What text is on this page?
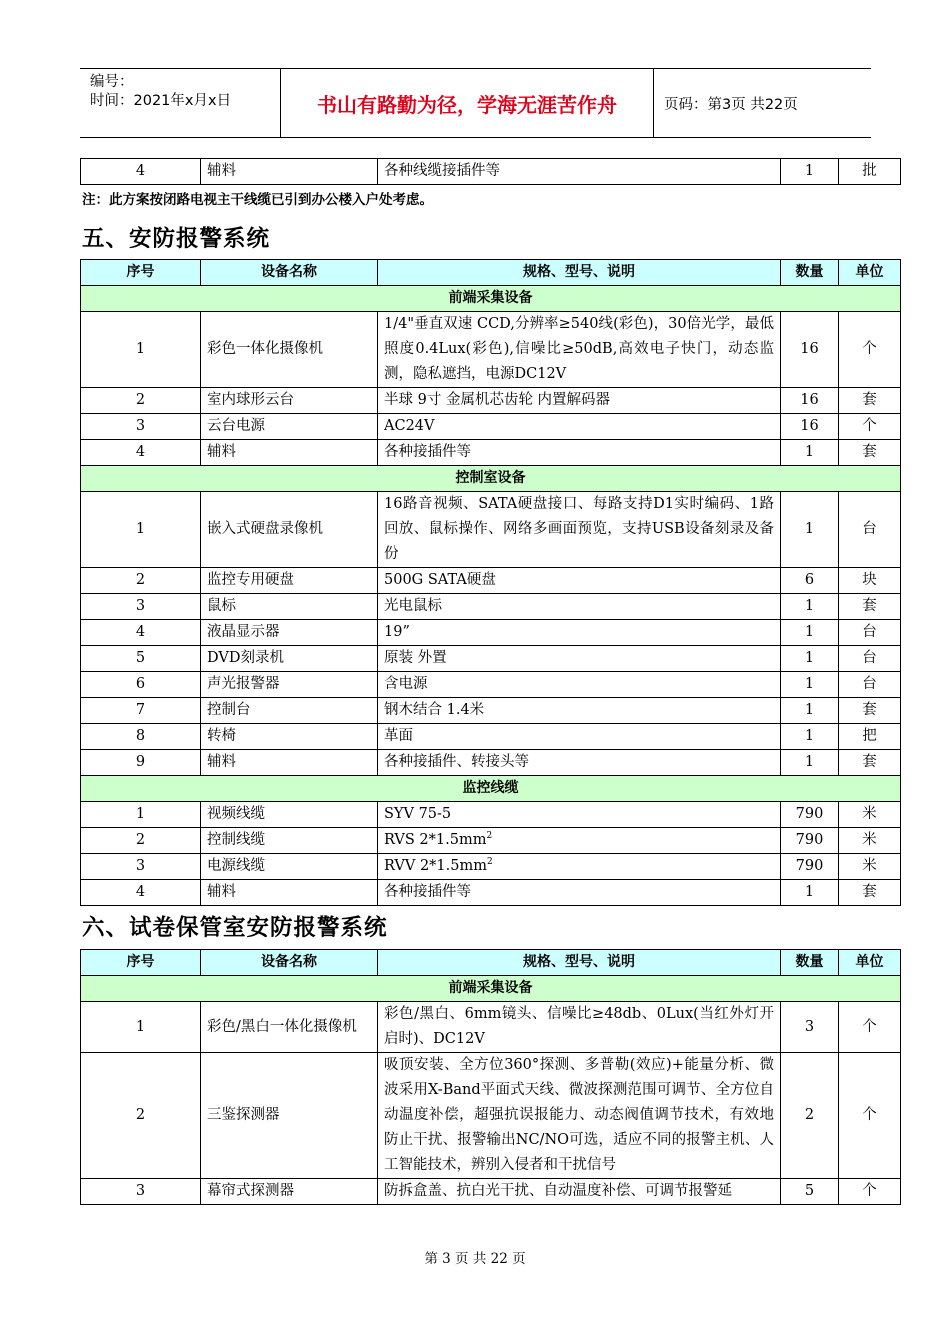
编号：
时间：2021年x月x日	书山有路勤为径，学海无涯苦作舟	页码：第3页 共22页
4	辅料	各种线缆接插件等	1	批
注：此方案按闭路电视主干线缆已引到办公楼入户处考虑。
五、安防报警系统
序号	设备名称	规格、型号、说明	数量	单位
前端采集设备				
1	彩色一体化摄像机	1/4"垂直双速 CCD,分辨率≥540线(彩色)，30倍光学，最低照度0.4Lux(彩色),信噪比≥50dB,高效电子快门，动态监测，隐私遮挡，电源DC12V	16	个
2	室内球形云台	半球 9寸 金属机芯齿轮 内置解码器	16	套
3	云台电源	AC24V	16	个
4	辅料	各种接插件等	1	套
控制室设备				
1	嵌入式硬盘录像机	16路音视频、SATA硬盘接口、每路支持D1实时编码、1路回放、鼠标操作、网络多画面预览，支持USB设备刻录及备份	1	台
2	监控专用硬盘	500G SATA硬盘	6	块
3	鼠标	光电鼠标	1	套
4	液晶显示器	19”	1	台
5	DVD刻录机	原装 外置	1	台
6	声光报警器	含电源	1	台
7	控制台	钢木结合 1.4米	1	套
8	转椅	革面	1	把
9	辅料	各种接插件、转接头等	1	套
监控线缆				
1	视频线缆	SYV 75-5	790	米
2	控制线缆	RVS $2*1.5mm^2$	790	米
3	电源线缆	RVV $2*1.5mm^2$	790	米
4	辅料	各种接插件等	1	套
六、试卷保管室安防报警系统
序号	设备名称	规格、型号、说明	数量	单位
前端采集设备				
1	彩色/黑白一体化摄像机	彩色/黑白、6mm镜头、信噪比≥48db、0Lux(当红外灯开启时)、DC12V	3	个
2	三鉴探测器	吸顶安装、全方位360°探测、多普勒(效应)+能量分析、微波采用X-Band平面式天线、微波探测范围可调节、全方位自动温度补偿，超强抗误报能力、动态阀值调节技术，有效地防止干扰、报警输出NC/NO可选，适应不同的报警主机、人工智能技术，辨别入侵者和干扰信号	2	个
3	幕帘式探测器	防拆盒盖、抗白光干扰、自动温度补偿、可调节报警延	5	个
第 3 页 共 22 页
